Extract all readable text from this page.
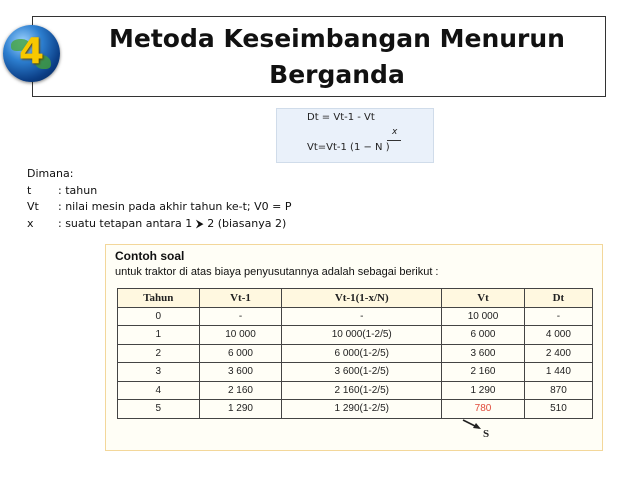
Metoda Keseimbangan Menurun
Berganda
4
Dt = Vt-1 - Vt
x
Vt=Vt-1 (1 − N )
Dimana:
t	: tahun
Vt	: nilai mesin pada akhir tahun ke-t; V0 = P
x	: suatu tetapan antara 1 ⮞ 2 (biasanya 2)
Contoh soal
untuk traktor di atas biaya penyusutannya adalah sebagai berikut :
Tahun	Vt-1	Vt-1(1-x/N)	Vt	Dt
0	-	-	10 000	-
1	10 000	10 000(1-2/5)	6 000	4 000
2	6 000	6 000(1-2/5)	3 600	2 400
3	3 600	3 600(1-2/5)	2 160	1 440
4	2 160	2 160(1-2/5)	1 290	870
5	1 290	1 290(1-2/5)	780	510
S
